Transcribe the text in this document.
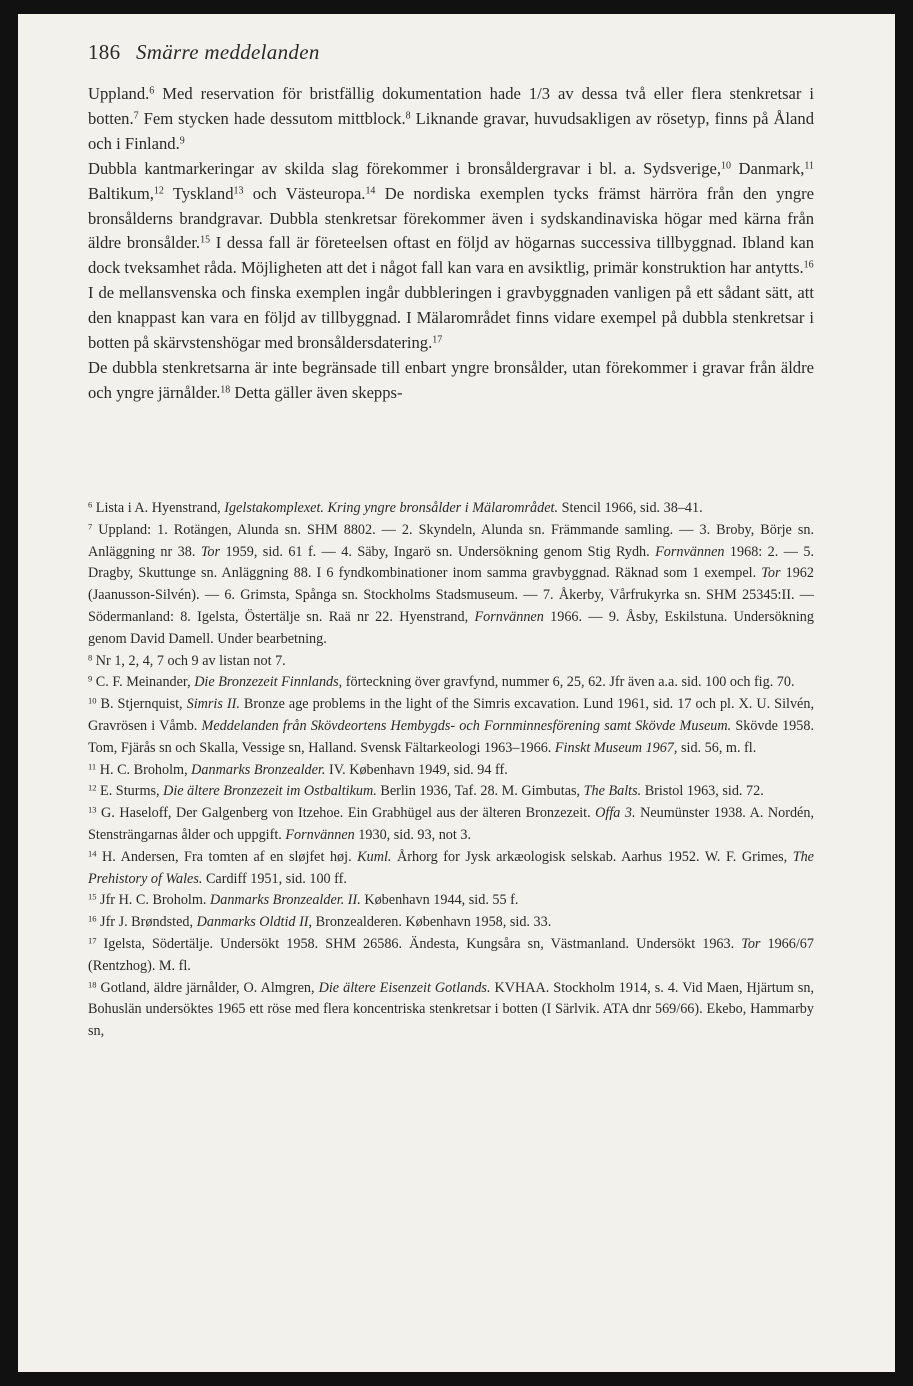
186 Smärre meddelanden

Uppland.$^6$ Med reservation för bristfällig dokumentation hade 1/3 av dessa två eller flera stenkretsar i botten.$^7$ Fem stycken hade dessutom mittblock.$^8$ Liknande gravar, huvudsakligen av rösetyp, finns på Åland och i Finland.$^9$

Dubbla kantmarkeringar av skilda slag förekommer i bronsåldergravar i bl. a. Sydsverige,$^{10}$ Danmark,$^{11}$ Baltikum,$^{12}$ Tyskland$^{13}$ och Västeuropa.$^{14}$ De nordiska exemplen tycks främst härröra från den yngre bronsålderns brandgravar. Dubbla stenkretsar förekommer även i sydskandinaviska högar med kärna från äldre bronsålder.$^{15}$ I dessa fall är företeelsen oftast en följd av högarnas successiva tillbyggnad. Ibland kan dock tveksamhet råda. Möjligheten att det i något fall kan vara en avsiktlig, primär konstruktion har antytts.$^{16}$

I de mellansvenska och finska exemplen ingår dubbleringen i gravbyggnaden vanligen på ett sådant sätt, att den knappast kan vara en följd av tillbyggnad. I Mälarområdet finns vidare exempel på dubbla stenkretsar i botten på skärvstenshögar med bronsåldersdatering.$^{17}$

De dubbla stenkretsarna är inte begränsade till enbart yngre bronsålder, utan förekommer i gravar från äldre och yngre järnålder.$^{18}$ Detta gäller även skepps-

$^6$ Lista i A. Hyenstrand, Igelstakomplexet. Kring yngre bronsålder i Mälarområdet. Stencil 1966, sid. 38–41.

$^7$ Uppland: 1. Rotängen, Alunda sn. SHM 8802. — 2. Skyndeln, Alunda sn. Främmande samling. — 3. Broby, Börje sn. Anläggning nr 38. Tor 1959, sid. 61 f. — 4. Säby, Ingarö sn. Undersökning genom Stig Rydh. Fornvännen 1968: 2. — 5. Dragby, Skuttunge sn. Anläggning 88. I 6 fyndkombinationer inom samma gravbyggnad. Räknad som 1 exempel. Tor 1962 (Jaanusson-Silvén). — 6. Grimsta, Spånga sn. Stockholms Stadsmuseum. — 7. Åkerby, Vårfrukyrka sn. SHM 25345:II. — Södermanland: 8. Igelsta, Östertälje sn. Raä nr 22. Hyenstrand, Fornvännen 1966. — 9. Åsby, Eskilstuna. Undersökning genom David Damell. Under bearbetning.

$^8$ Nr 1, 2, 4, 7 och 9 av listan not 7.

$^9$ C. F. Meinander, Die Bronzezeit Finnlands, förteckning över gravfynd, nummer 6, 25, 62. Jfr även a.a. sid. 100 och fig. 70.

$^{10}$ B. Stjernquist, Simris II. Bronze age problems in the light of the Simris excavation. Lund 1961, sid. 17 och pl. X. U. Silvén, Gravrösen i Våmb. Meddelanden från Skövdeortens Hembygds- och Fornminnesförening samt Skövde Museum. Skövde 1958. Tom, Fjärås sn och Skalla, Vessige sn, Halland. Svensk Fältarkeologi 1963–1966. Finskt Museum 1967, sid. 56, m. fl.

$^{11}$ H. C. Broholm, Danmarks Bronzealder. IV. København 1949, sid. 94 ff.

$^{12}$ E. Sturms, Die ältere Bronzezeit im Ostbaltikum. Berlin 1936, Taf. 28. M. Gimbutas, The Balts. Bristol 1963, sid. 72.

$^{13}$ G. Haseloff, Der Galgenberg von Itzehoe. Ein Grabhügel aus der älteren Bronzezeit. Offa 3. Neumünster 1938. A. Nordén, Stensträngarnas ålder och uppgift. Fornvännen 1930, sid. 93, not 3.

$^{14}$ H. Andersen, Fra tomten af en sløjfet høj. Kuml. Århorg for Jysk arkæologisk selskab. Aarhus 1952. W. F. Grimes, The Prehistory of Wales. Cardiff 1951, sid. 100 ff.

$^{15}$ Jfr H. C. Broholm. Danmarks Bronzealder. II. København 1944, sid. 55 f.

$^{16}$ Jfr J. Brøndsted, Danmarks Oldtid II, Bronzealderen. København 1958, sid. 33.

$^{17}$ Igelsta, Södertälje. Undersökt 1958. SHM 26586. Ändesta, Kungsåra sn, Västmanland. Undersökt 1963. Tor 1966/67 (Rentzhog). M. fl.

$^{18}$ Gotland, äldre järnålder, O. Almgren, Die ältere Eisenzeit Gotlands. KVHAA. Stockholm 1914, s. 4. Vid Maen, Hjärtum sn, Bohuslän undersöktes 1965 ett röse med flera koncentriska stenkretsar i botten (I Särlvik. ATA dnr 569/66). Ekebo, Hammarby sn,
